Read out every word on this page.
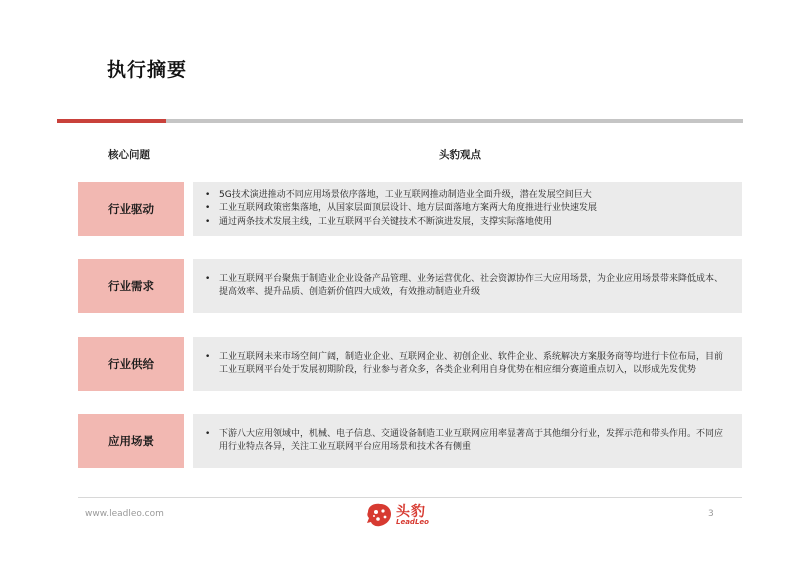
执行摘要
核心问题	头豹观点
行业驱动
• 5G技术演进推动不同应用场景依序落地，工业互联网推动制造业全面升级，潜在发展空间巨大
• 工业互联网政策密集落地，从国家层面顶层设计、地方层面落地方案两大角度推进行业快速发展
• 通过两条技术发展主线，工业互联网平台关键技术不断演进发展，支撑实际落地使用
行业需求
• 工业互联网平台聚焦于制造业企业设备产品管理、业务运营优化、社会资源协作三大应用场景，为企业应用场景带来降低成本、提高效率、提升品质、创造新价值四大成效，有效推动制造业升级
行业供给
• 工业互联网未来市场空间广阔，制造业企业、互联网企业、初创企业、软件企业、系统解决方案服务商等均进行卡位布局，目前工业互联网平台处于发展初期阶段，行业参与者众多，各类企业利用自身优势在相应细分赛道重点切入，以形成先发优势
应用场景
• 下游八大应用领域中，机械、电子信息、交通设备制造工业互联网应用率显著高于其他细分行业，发挥示范和带头作用。不同应用行业特点各异，关注工业互联网平台应用场景和技术各有侧重
www.leadleo.com	头豹
LeadLeo
3
